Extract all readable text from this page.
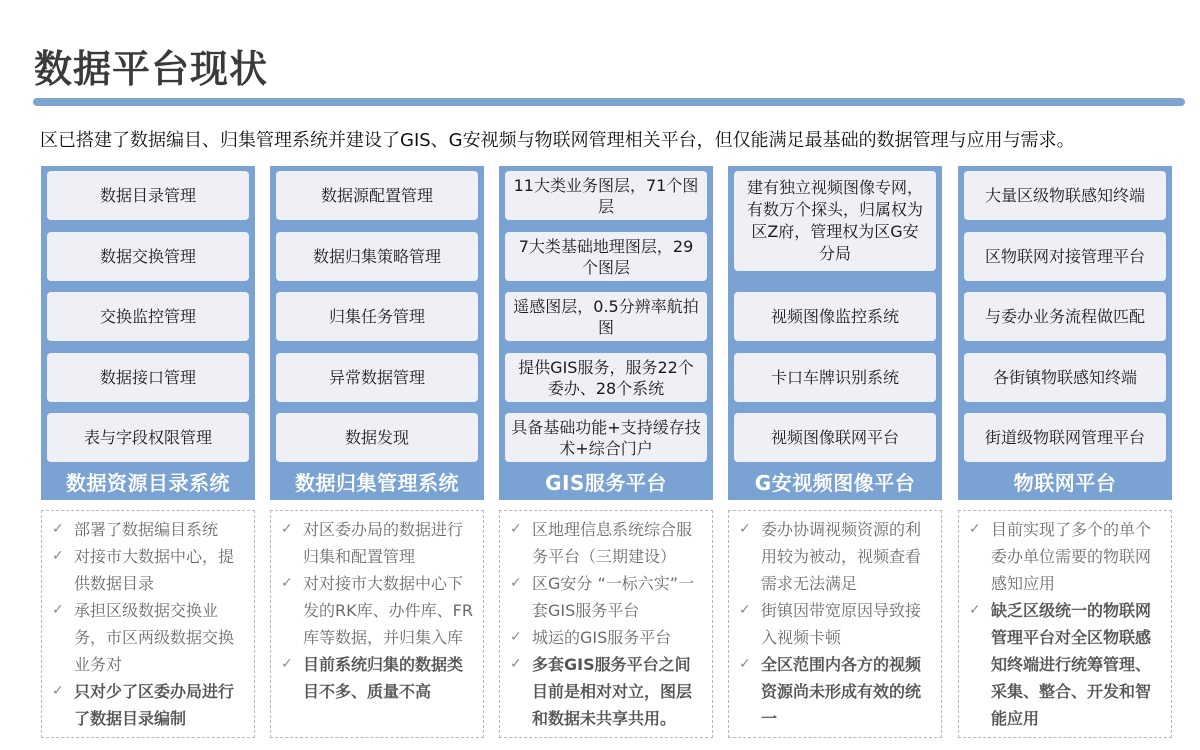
数据平台现状
区已搭建了数据编目、归集管理系统并建设了GIS、G安视频与物联网管理相关平台，但仅能满足最基础的数据管理与应用与需求。
数据目录管理
数据交换管理
交换监控管理
数据接口管理
表与字段权限管理
数据资源目录系统
✓ 部署了数据编目系统
✓ 对接市大数据中心，提供数据目录
✓ 承担区级数据交换业务，市区两级数据交换业务对
✓ 只对少了区委办局进行了数据目录编制
数据源配置管理
数据归集策略管理
归集任务管理
异常数据管理
数据发现
数据归集管理系统
✓ 对区委办局的数据进行归集和配置管理
✓ 对对接市大数据中心下发的RK库、办件库、FR库等数据，并归集入库
✓ 目前系统归集的数据类目不多、质量不高
11大类业务图层，71个图层
7大类基础地理图层，29个图层
遥感图层，0.5分辨率航拍图
提供GIS服务，服务22个委办、28个系统
具备基础功能+支持缓存技术+综合门户
GIS服务平台
✓ 区地理信息系统综合服务平台（三期建设）
✓ 区G安分 “一标六实”一套GIS服务平台
✓ 城运的GIS服务平台
✓ 多套GIS服务平台之间目前是相对对立，图层和数据未共享共用。
建有独立视频图像专网，有数万个探头，归属权为区Z府，管理权为区G安分局
视频图像监控系统
卡口车牌识别系统
视频图像联网平台
G安视频图像平台
✓ 委办协调视频资源的利用较为被动，视频查看需求无法满足
✓ 街镇因带宽原因导致接入视频卡顿
✓ 全区范围内各方的视频资源尚未形成有效的统一
大量区级物联感知终端
区物联网对接管理平台
与委办业务流程做匹配
各街镇物联感知终端
街道级物联网管理平台
物联网平台
✓ 目前实现了多个的单个委办单位需要的物联网感知应用
✓ 缺乏区级统一的物联网管理平台对全区物联感知终端进行统筹管理、采集、整合、开发和智能应用
